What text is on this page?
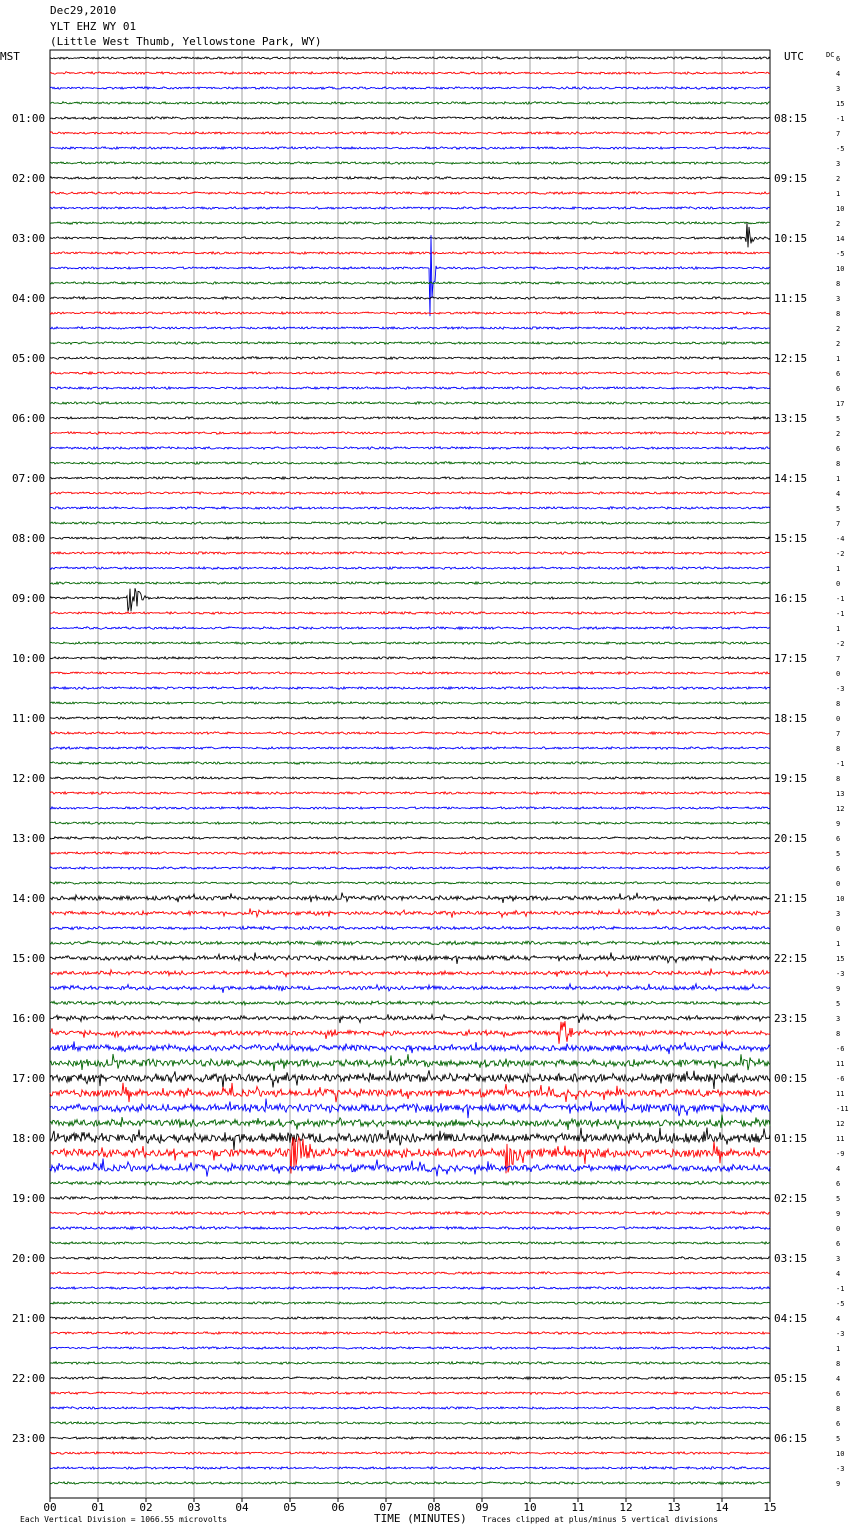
Dec29,2010
YLT EHZ WY 01
(Little West Thumb, Yellowstone Park, WY)
01:00
02:00
03:00
04:00
05:00
06:00
07:00
08:00
09:00
10:00
11:00
12:00
13:00
14:00
15:00
16:00
17:00
18:00
19:00
20:00
21:00
22:00
23:00
08:15
09:15
10:15
11:15
12:15
13:15
14:15
15:15
16:15
17:15
18:15
19:15
20:15
21:15
22:15
23:15
00:15
01:15
02:15
03:15
04:15
05:15
06:15
6
4
3
15
-1
7
-5
3
2
1
10
2
14
-5
10
8
3
8
2
2
1
6
6
17
5
2
6
8
1
4
5
7
-4
-2
1
0
-1
-1
1
-2
7
0
-3
8
0
7
8
-1
8
13
12
9
6
5
6
0
10
3
0
1
15
-3
9
5
3
8
-6
11
-6
11
-11
12
11
-9
4
6
5
9
0
6
3
4
-1
-5
4
-3
1
8
4
6
8
6
5
10
-3
9
00	01	02	03	04	05	06	07	08	09	10	11	12	13	14	15
MST	UTC	DC
Each Vertical Division = 1066.55 microvolts	TIME (MINUTES) Traces clipped at plus/minus 5 vertical divisions
